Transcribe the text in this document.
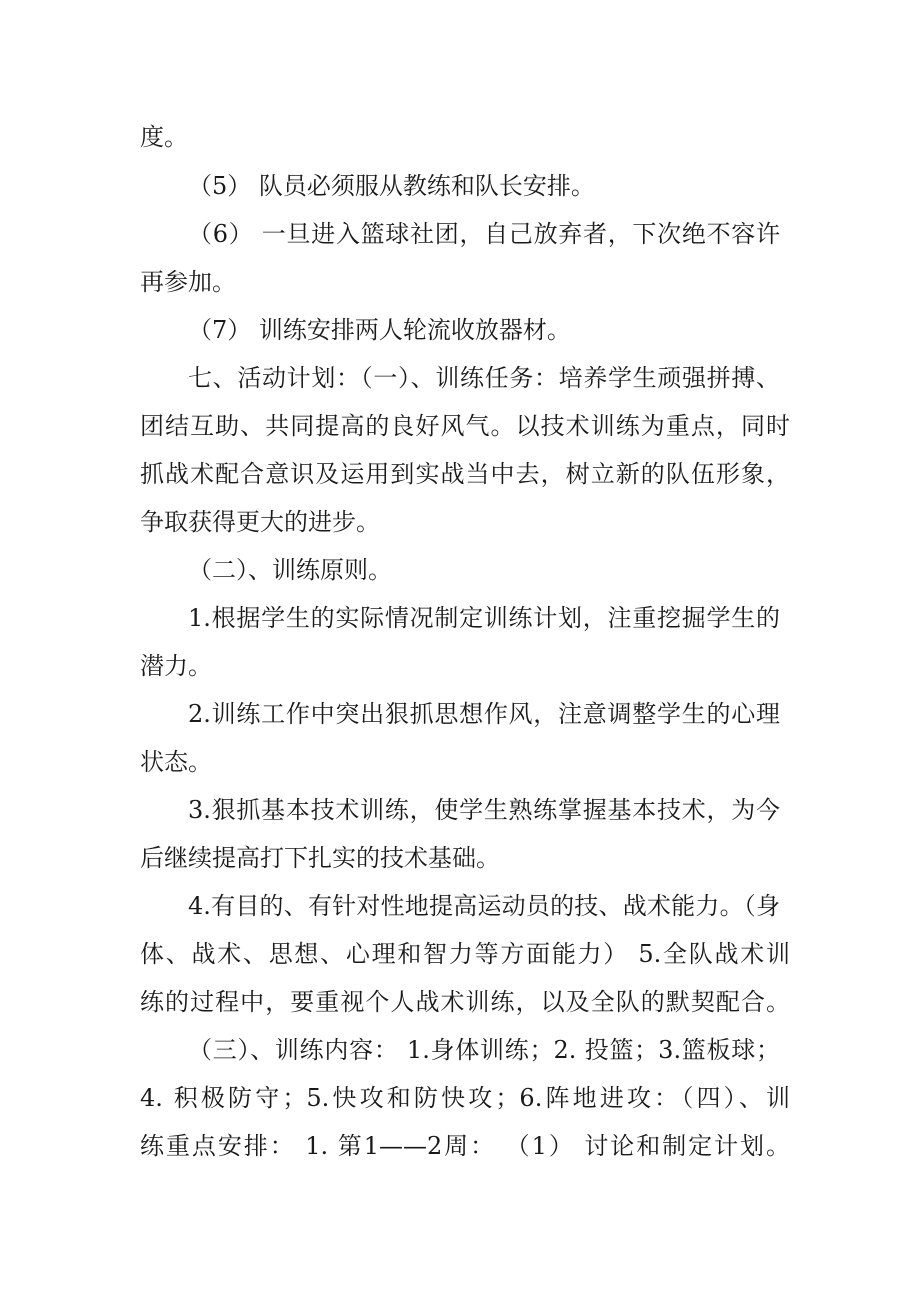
度。
（5） 队员必须服从教练和队长安排。
（6） 一旦进入篮球社团，自己放弃者，下次绝不容许
再参加。
（7） 训练安排两人轮流收放器材。
七、活动计划：（一）、训练任务：培养学生顽强拼搏、
团结互助、共同提高的良好风气。以技术训练为重点，同时
抓战术配合意识及运用到实战当中去，树立新的队伍形象，
争取获得更大的进步。
（二）、训练原则。
1.根据学生的实际情况制定训练计划，注重挖掘学生的
潜力。
2.训练工作中突出狠抓思想作风，注意调整学生的心理
状态。
3.狠抓基本技术训练，使学生熟练掌握基本技术，为今
后继续提高打下扎实的技术基础。
4.有目的、有针对性地提高运动员的技、战术能力。（身
体、战术、思想、心理和智力等方面能力） 5.全队战术训
练的过程中，要重视个人战术训练，以及全队的默契配合。
（三）、训练内容： 1.身体训练；2. 投篮；3.篮板球；
4. 积极防守；5.快攻和防快攻；6.阵地进攻：（四）、训
练重点安排： 1. 第1——2周： （1） 讨论和制定计划。
